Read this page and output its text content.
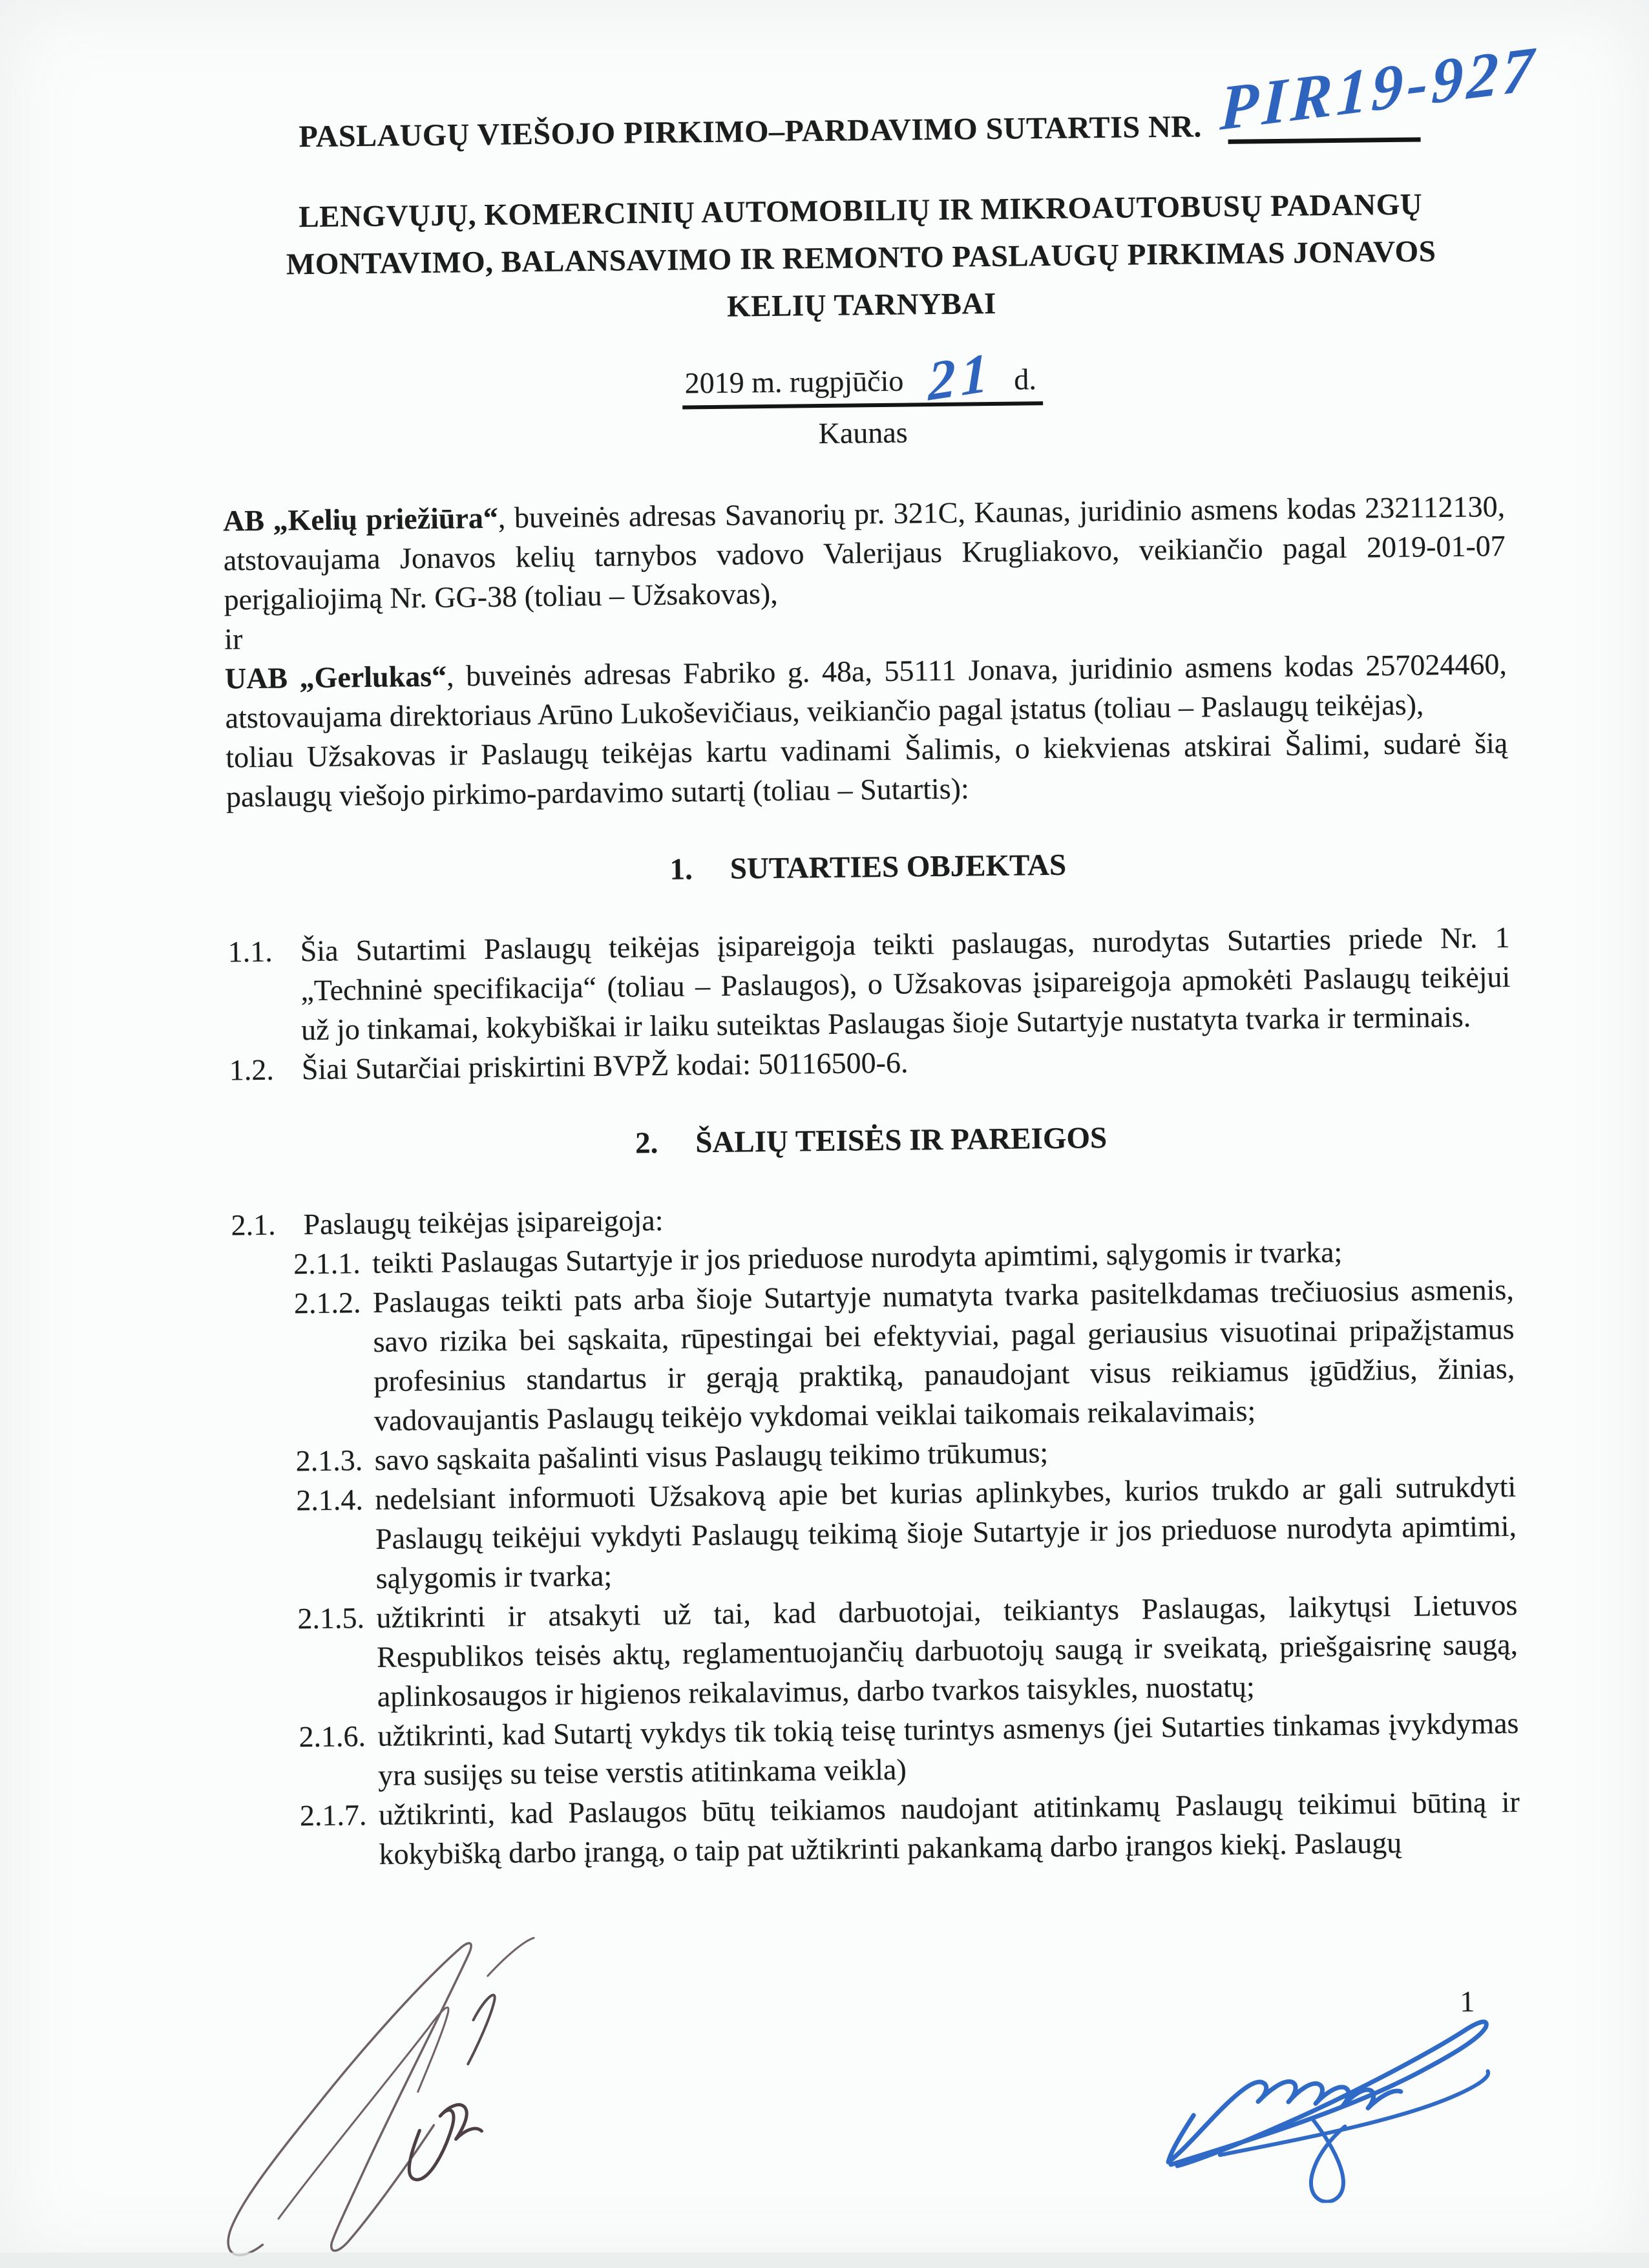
PASLAUGŲ VIEŠOJO PIRKIMO–PARDAVIMO SUTARTIS NR. PIR19-927
LENGVŲJŲ, KOMERCINIŲ AUTOMOBILIŲ IR MIKROAUTOBUSŲ PADANGŲ
MONTAVIMO, BALANSAVIMO IR REMONTO PASLAUGŲ PIRKIMAS JONAVOS
KELIŲ TARNYBAI
2019 m. rugpjūčio 21 d.
Kaunas

AB „Kelių priežiūra“, buveinės adresas Savanorių pr. 321C, Kaunas, juridinio asmens kodas 232112130, atstovaujama Jonavos kelių tarnybos vadovo Valerijaus Krugliakovo, veikiančio pagal 2019-01-07 perįgaliojimą Nr. GG-38 (toliau – Užsakovas),

ir

UAB „Gerlukas“, buveinės adresas Fabriko g. 48a, 55111 Jonava, juridinio asmens kodas 257024460, atstovaujama direktoriaus Arūno Lukoševičiaus, veikiančio pagal įstatus (toliau – Paslaugų teikėjas),

toliau Užsakovas ir Paslaugų teikėjas kartu vadinami Šalimis, o kiekvienas atskirai Šalimi, sudarė šią paslaugų viešojo pirkimo-pardavimo sutartį (toliau – Sutartis):

1. SUTARTIES OBJEKTAS
1.1. Šia Sutartimi Paslaugų teikėjas įsipareigoja teikti paslaugas, nurodytas Sutarties priede Nr. 1 „Techninė specifikacija“ (toliau – Paslaugos), o Užsakovas įsipareigoja apmokėti Paslaugų teikėjui už jo tinkamai, kokybiškai ir laiku suteiktas Paslaugas šioje Sutartyje nustatyta tvarka ir terminais.
1.2. Šiai Sutarčiai priskirtini BVPŽ kodai: 50116500-6.
2. ŠALIŲ TEISĖS IR PAREIGOS
2.1. Paslaugų teikėjas įsipareigoja:
2.1.1. teikti Paslaugas Sutartyje ir jos prieduose nurodyta apimtimi, sąlygomis ir tvarka;
2.1.2. Paslaugas teikti pats arba šioje Sutartyje numatyta tvarka pasitelkdamas trečiuosius asmenis, savo rizika bei sąskaita, rūpestingai bei efektyviai, pagal geriausius visuotinai pripažįstamus profesinius standartus ir gerąją praktiką, panaudojant visus reikiamus įgūdžius, žinias, vadovaujantis Paslaugų teikėjo vykdomai veiklai taikomais reikalavimais;
2.1.3. savo sąskaita pašalinti visus Paslaugų teikimo trūkumus;
2.1.4. nedelsiant informuoti Užsakovą apie bet kurias aplinkybes, kurios trukdo ar gali sutrukdyti Paslaugų teikėjui vykdyti Paslaugų teikimą šioje Sutartyje ir jos prieduose nurodyta apimtimi, sąlygomis ir tvarka;
2.1.5. užtikrinti ir atsakyti už tai, kad darbuotojai, teikiantys Paslaugas, laikytųsi Lietuvos Respublikos teisės aktų, reglamentuojančių darbuotojų saugą ir sveikatą, priešgaisrinę saugą, aplinkosaugos ir higienos reikalavimus, darbo tvarkos taisykles, nuostatų;
2.1.6. užtikrinti, kad Sutartį vykdys tik tokią teisę turintys asmenys (jei Sutarties tinkamas įvykdymas yra susijęs su teise verstis atitinkama veikla)
2.1.7. užtikrinti, kad Paslaugos būtų teikiamos naudojant atitinkamų Paslaugų teikimui būtiną ir kokybišką darbo įrangą, o taip pat užtikrinti pakankamą darbo įrangos kiekį. Paslaugų
1
